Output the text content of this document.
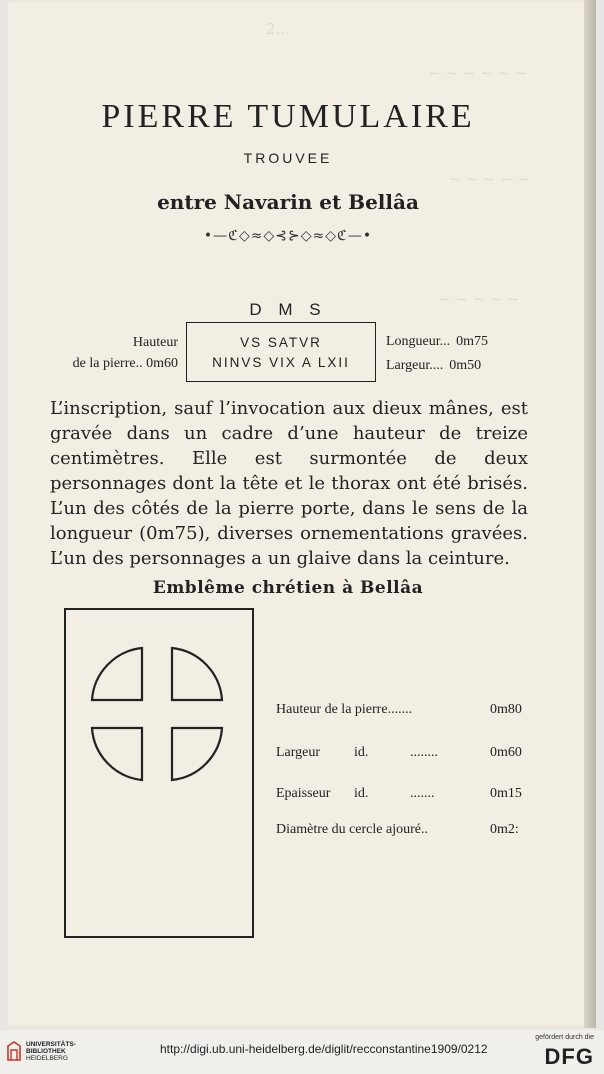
2...
~ ~ ~ ~ ~ ~
~ ~ ~ ~ ~
~ ~ ~ ~ ~
PIERRE TUMULAIRE
TROUVEE
entre Navarin et Bellâa
•—ℭ◇≈◇⊰⊱◇≈◇ℭ—•
D M S
Hauteur
de la pierre.. 0m60
VS SATVR
NINVS VIX A LXII
Longueur... 0m75
Largeur.... 0m50
L’inscription, sauf l’invocation aux dieux mânes, est gravée dans un cadre d’une hauteur de treize centimètres. Elle est surmontée de deux personnages dont la tête et le thorax ont été brisés. L’un des côtés de la pierre porte, dans le sens de la longueur (0m75), diverses ornementations gravées. L’un des personnages a un glaive dans la ceinture.
Emblême chrétien à Bellâa
Hauteur de la pierre.......	0m80
Largeur id.	........	0m60
Epaisseur id.	.......	0m15
Diamètre du cercle ajouré..	0m2:
UNIVERSITÄTS-
BIBLIOTHEK
HEIDELBERG
http://digi.ub.uni-heidelberg.de/diglit/recconstantine1909/0212
gefördert durch die
DFG
